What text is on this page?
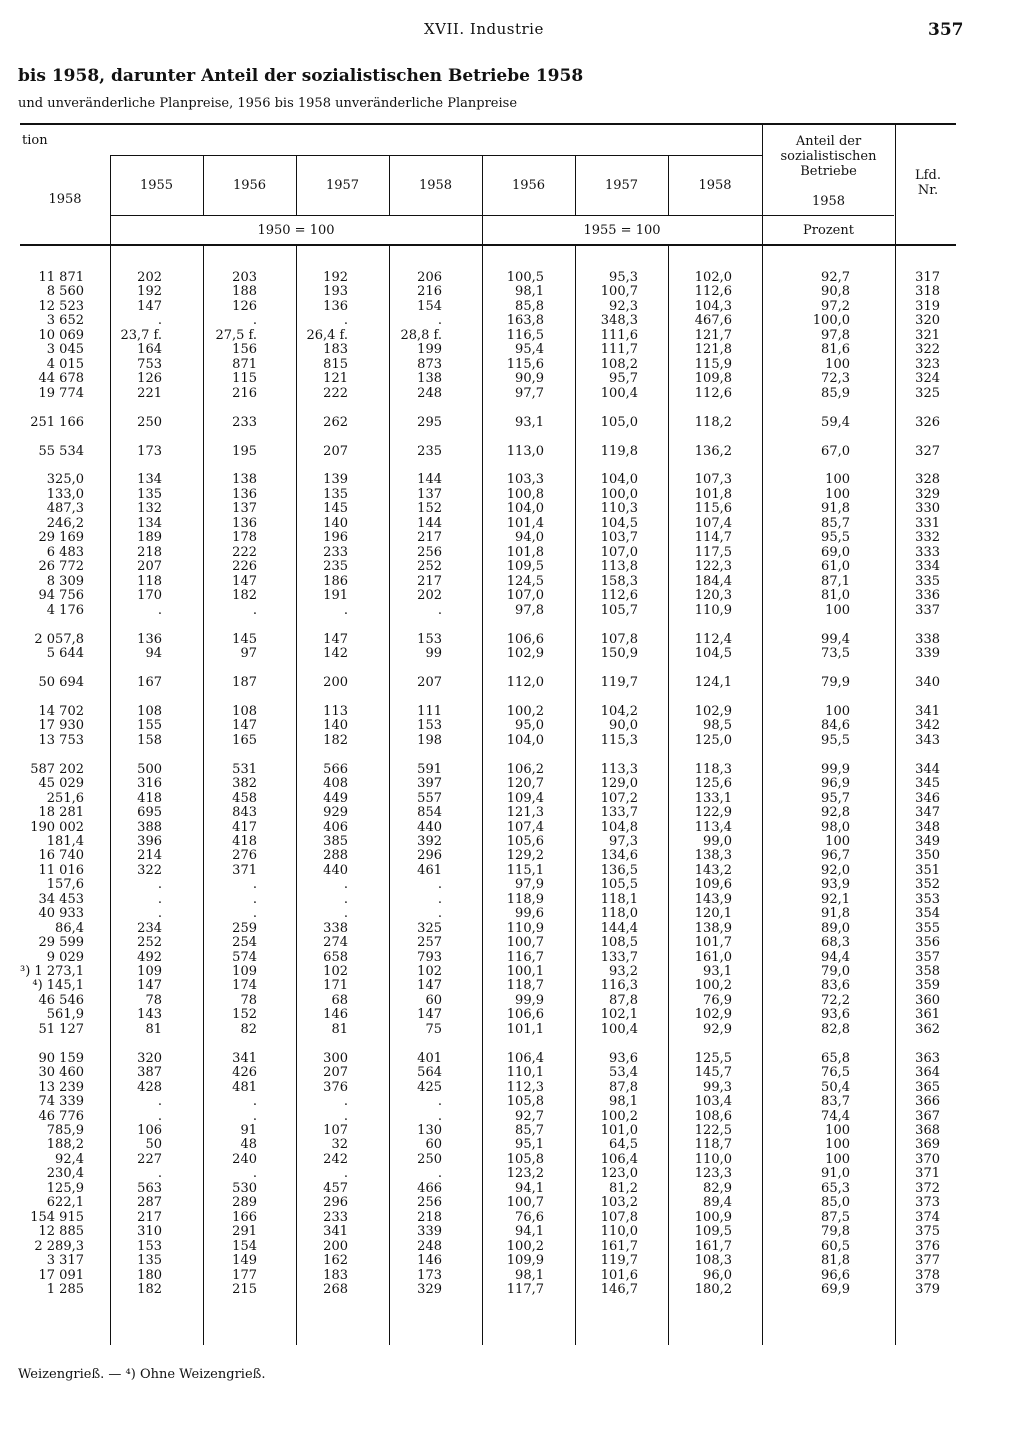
XVII. Industrie	357
bis 1958, darunter Anteil der sozialistischen Betriebe 1958
und unveränderliche Planpreise, 1956 bis 1958 unveränderliche Planpreise
tion
1958
1955	1956	1957	1958
1950 = 100
1956	1957	1958
1955 = 100
Anteil der
sozialistischen
Betriebe
1958
Prozent
Lfd.
Nr.
11 871	202	203	192	206	100,5	95,3	102,0	92,7	317
8 560	192	188	193	216	98,1	100,7	112,6	90,8	318
12 523	147	126	136	154	85,8	92,3	104,3	97,2	319
3 652	.	.	.	.	163,8	348,3	467,6	100,0	320
10 069	23,7 f.	27,5 f.	26,4 f.	28,8 f.	116,5	111,6	121,7	97,8	321
3 045	164	156	183	199	95,4	111,7	121,8	81,6	322
4 015	753	871	815	873	115,6	108,2	115,9	100	323
44 678	126	115	121	138	90,9	95,7	109,8	72,3	324
19 774	221	216	222	248	97,7	100,4	112,6	85,9	325
251 166	250	233	262	295	93,1	105,0	118,2	59,4	326
55 534	173	195	207	235	113,0	119,8	136,2	67,0	327
325,0	134	138	139	144	103,3	104,0	107,3	100	328
133,0	135	136	135	137	100,8	100,0	101,8	100	329
487,3	132	137	145	152	104,0	110,3	115,6	91,8	330
246,2	134	136	140	144	101,4	104,5	107,4	85,7	331
29 169	189	178	196	217	94,0	103,7	114,7	95,5	332
6 483	218	222	233	256	101,8	107,0	117,5	69,0	333
26 772	207	226	235	252	109,5	113,8	122,3	61,0	334
8 309	118	147	186	217	124,5	158,3	184,4	87,1	335
94 756	170	182	191	202	107,0	112,6	120,3	81,0	336
4 176	.	.	.	.	97,8	105,7	110,9	100	337
2 057,8	136	145	147	153	106,6	107,8	112,4	99,4	338
5 644	94	97	142	99	102,9	150,9	104,5	73,5	339
50 694	167	187	200	207	112,0	119,7	124,1	79,9	340
14 702	108	108	113	111	100,2	104,2	102,9	100	341
17 930	155	147	140	153	95,0	90,0	98,5	84,6	342
13 753	158	165	182	198	104,0	115,3	125,0	95,5	343
587 202	500	531	566	591	106,2	113,3	118,3	99,9	344
45 029	316	382	408	397	120,7	129,0	125,6	96,9	345
251,6	418	458	449	557	109,4	107,2	133,1	95,7	346
18 281	695	843	929	854	121,3	133,7	122,9	92,8	347
190 002	388	417	406	440	107,4	104,8	113,4	98,0	348
181,4	396	418	385	392	105,6	97,3	99,0	100	349
16 740	214	276	288	296	129,2	134,6	138,3	96,7	350
11 016	322	371	440	461	115,1	136,5	143,2	92,0	351
157,6	.	.	.	.	97,9	105,5	109,6	93,9	352
34 453	.	.	.	.	118,9	118,1	143,9	92,1	353
40 933	.	.	.	.	99,6	118,0	120,1	91,8	354
86,4	234	259	338	325	110,9	144,4	138,9	89,0	355
29 599	252	254	274	257	100,7	108,5	101,7	68,3	356
9 029	492	574	658	793	116,7	133,7	161,0	94,4	357
³) 1 273,1	109	109	102	102	100,1	93,2	93,1	79,0	358
⁴) 145,1	147	174	171	147	118,7	116,3	100,2	83,6	359
46 546	78	78	68	60	99,9	87,8	76,9	72,2	360
561,9	143	152	146	147	106,6	102,1	102,9	93,6	361
51 127	81	82	81	75	101,1	100,4	92,9	82,8	362
90 159	320	341	300	401	106,4	93,6	125,5	65,8	363
30 460	387	426	207	564	110,1	53,4	145,7	76,5	364
13 239	428	481	376	425	112,3	87,8	99,3	50,4	365
74 339	.	.	.	.	105,8	98,1	103,4	83,7	366
46 776	.	.	.	.	92,7	100,2	108,6	74,4	367
785,9	106	91	107	130	85,7	101,0	122,5	100	368
188,2	50	48	32	60	95,1	64,5	118,7	100	369
92,4	227	240	242	250	105,8	106,4	110,0	100	370
230,4	.	.	.	.	123,2	123,0	123,3	91,0	371
125,9	563	530	457	466	94,1	81,2	82,9	65,3	372
622,1	287	289	296	256	100,7	103,2	89,4	85,0	373
154 915	217	166	233	218	76,6	107,8	100,9	87,5	374
12 885	310	291	341	339	94,1	110,0	109,5	79,8	375
2 289,3	153	154	200	248	100,2	161,7	161,7	60,5	376
3 317	135	149	162	146	109,9	119,7	108,3	81,8	377
17 091	180	177	183	173	98,1	101,6	96,0	96,6	378
1 285	182	215	268	329	117,7	146,7	180,2	69,9	379
Weizengrieß. — ⁴) Ohne Weizengrieß.
